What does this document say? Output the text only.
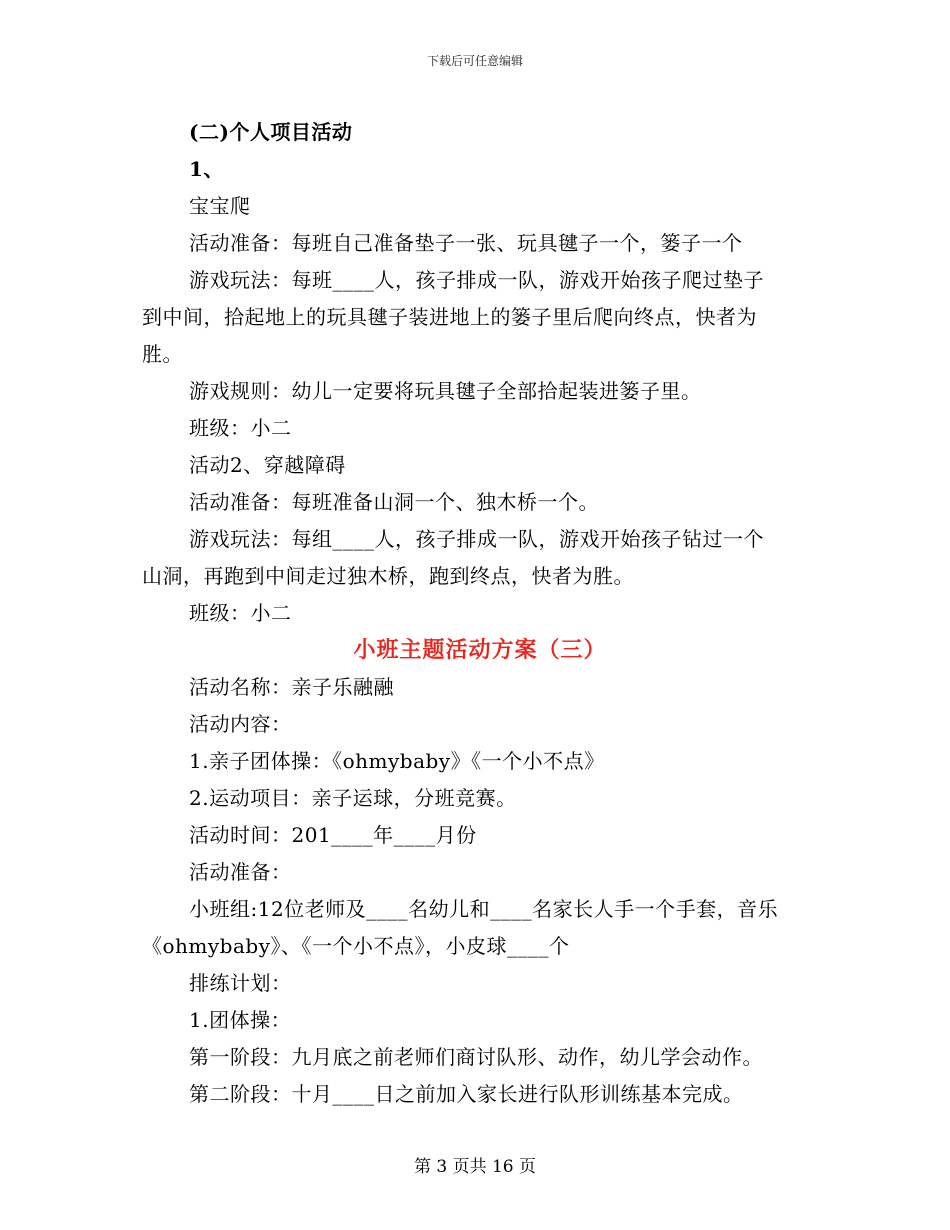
下载后可任意编辑
(二)个人项目活动
1、
宝宝爬
活动准备：每班自己准备垫子一张、玩具毽子一个，篓子一个
游戏玩法：每班____人，孩子排成一队，游戏开始孩子爬过垫子
到中间，拾起地上的玩具毽子装进地上的篓子里后爬向终点，快者为
胜。
游戏规则：幼儿一定要将玩具毽子全部拾起装进篓子里。
班级：小二
活动2、穿越障碍
活动准备：每班准备山洞一个、独木桥一个。
游戏玩法：每组____人，孩子排成一队，游戏开始孩子钻过一个
山洞，再跑到中间走过独木桥，跑到终点，快者为胜。
班级：小二
小班主题活动方案（三）
活动名称：亲子乐融融
活动内容：
1.亲子团体操：《ohmybaby》《一个小不点》
2.运动项目：亲子运球，分班竞赛。
活动时间：201____年____月份
活动准备：
小班组:12位老师及____名幼儿和____名家长人手一个手套，音乐
《ohmybaby》、《一个小不点》，小皮球____个
排练计划：
1.团体操：
第一阶段：九月底之前老师们商讨队形、动作，幼儿学会动作。
第二阶段：十月____日之前加入家长进行队形训练基本完成。
第 3 页共 16 页
